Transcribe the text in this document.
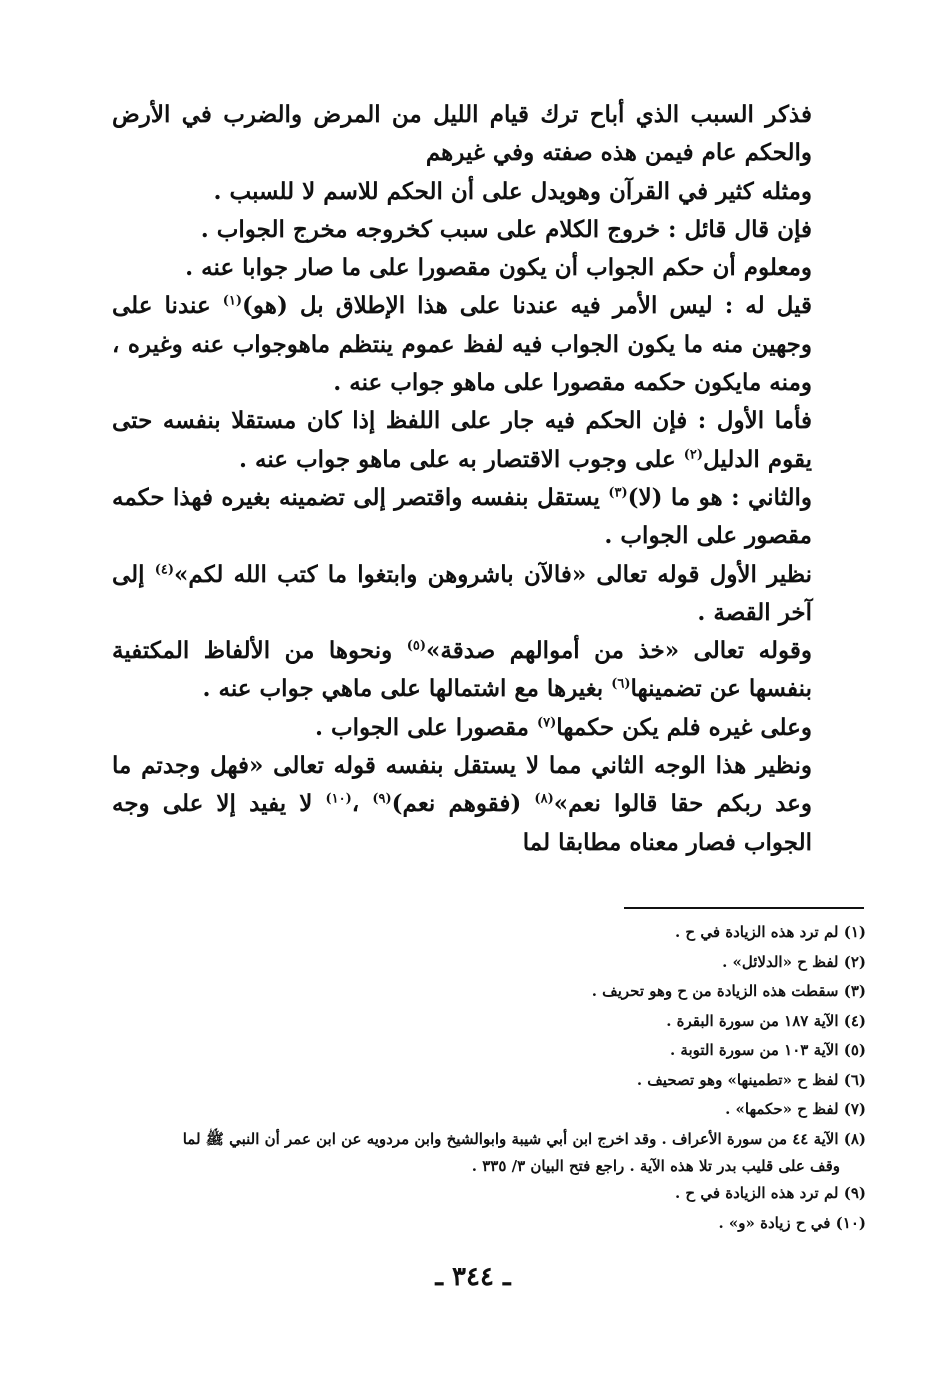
فذكر السبب الذي أباح ترك قيام الليل من المرض والضرب في الأرض والحكم عام فيمن هذه صفته وفي غيرهم

ومثله كثير في القرآن وهويدل على أن الحكم للاسم لا للسبب .

فإن قال قائل : خروج الكلام على سبب كخروجه مخرج الجواب .

ومعلوم أن حكم الجواب أن يكون مقصورا على ما صار جوابا عنه .

قيل له : ليس الأمر فيه عندنا على هذا الإطلاق بل (هو)$^{(١)}$ عندنا على وجهين منه ما يكون الجواب فيه لفظ عموم ينتظم ماهوجواب عنه وغيره ، ومنه مايكون حكمه مقصورا على ماهو جواب عنه .

فأما الأول : فإن الحكم فيه جار على اللفظ إذا كان مستقلا بنفسه حتى يقوم الدليل$^{(٢)}$ على وجوب الاقتصار به على ماهو جواب عنه .

والثاني : هو ما (لا)$^{(٣)}$ يستقل بنفسه واقتصر إلى تضمينه بغيره فهذا حكمه مقصور على الجواب .

نظير الأول قوله تعالى «فالآن باشروهن وابتغوا ما كتب الله لكم»$^{(٤)}$ إلى آخر القصة .

وقوله تعالى «خذ من أموالهم صدقة»$^{(٥)}$ ونحوها من الألفاظ المكتفية بنفسها عن تضمينها$^{(٦)}$ بغيرها مع اشتمالها على ماهي جواب عنه .

وعلى غيره فلم يكن حكمها$^{(٧)}$ مقصورا على الجواب .

ونظير هذا الوجه الثاني مما لا يستقل بنفسه قوله تعالى «فهل وجدتم ما وعد ربكم حقا قالوا نعم»$^{(٨)}$ (فقوهم نعم)$^{(٩)}$ ،$^{(١٠)}$ لا يفيد إلا على وجه الجواب فصار معناه مطابقا لما

(١) لم ترد هذه الزيادة في ح .

(٢) لفظ ح «الدلائل» .

(٣) سقطت هذه الزيادة من ح وهو تحريف .

(٤) الآية ١٨٧ من سورة البقرة .

(٥) الآية ١٠٣ من سورة التوبة .

(٦) لفظ ح «تطمينها» وهو تصحيف .

(٧) لفظ ح «حكمها» .

(٨) الآية ٤٤ من سورة الأعراف . وقد اخرج ابن أبي شيبة وابوالشيخ وابن مردويه عن ابن عمر أن النبي ﷺ لما

وقف على قليب بدر تلا هذه الآية . راجع فتح البيان ٣/ ٣٣٥ .

(٩) لم ترد هذه الزيادة في ح .

(١٠) في ح زيادة «و» .

ـ ٣٤٤ ـ
